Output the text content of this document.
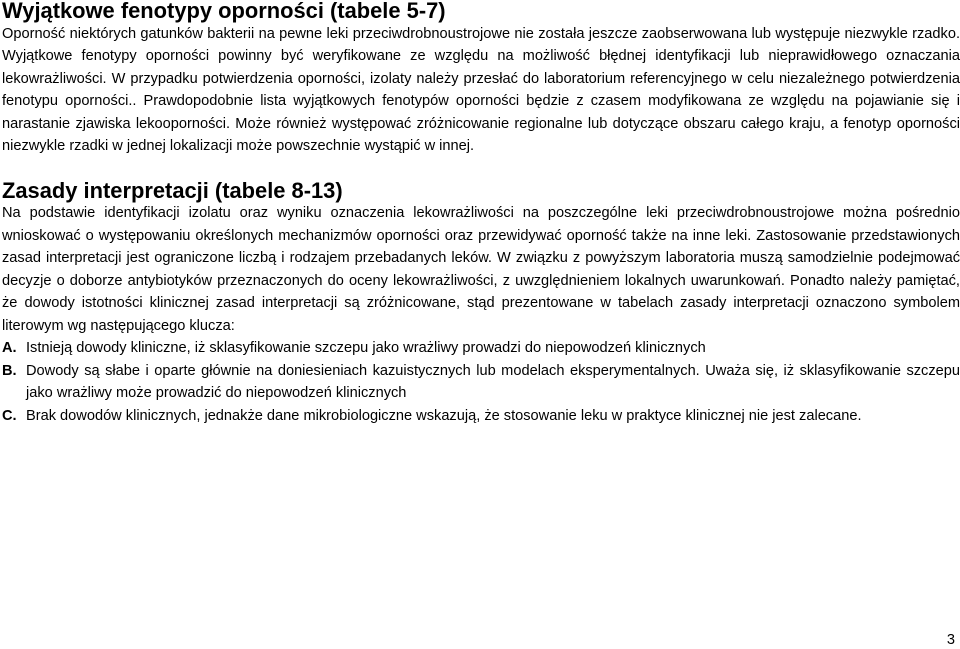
Wyjątkowe fenotypy oporności (tabele 5-7)

Oporność niektórych gatunków bakterii na pewne leki przeciwdrobnoustrojowe nie została jeszcze zaobserwowana lub występuje niezwykle rzadko. Wyjątkowe fenotypy oporności powinny być weryfikowane ze względu na możliwość błędnej identyfikacji lub nieprawidłowego oznaczania lekowrażliwości. W przypadku potwierdzenia oporności, izolaty należy przesłać do laboratorium referencyjnego w celu niezależnego potwierdzenia fenotypu oporności.. Prawdopodobnie lista wyjątkowych fenotypów oporności będzie z czasem modyfikowana ze względu na pojawianie się i narastanie zjawiska lekooporności. Może również występować zróżnicowanie regionalne lub dotyczące obszaru całego kraju, a fenotyp oporności niezwykle rzadki w jednej lokalizacji może powszechnie wystąpić w innej.

Zasady interpretacji (tabele 8-13)

Na podstawie identyfikacji izolatu oraz wyniku oznaczenia lekowrażliwości na poszczególne leki przeciwdrobnoustrojowe można pośrednio wnioskować o występowaniu określonych mechanizmów oporności oraz przewidywać oporność także na inne leki. Zastosowanie przedstawionych zasad interpretacji jest ograniczone liczbą i rodzajem przebadanych leków. W związku z powyższym laboratoria muszą samodzielnie podejmować decyzje o doborze antybiotyków przeznaczonych do oceny lekowrażliwości, z uwzględnieniem lokalnych uwarunkowań. Ponadto należy pamiętać, że dowody istotności klinicznej zasad interpretacji są zróżnicowane, stąd prezentowane w tabelach zasady interpretacji oznaczono symbolem literowym wg następującego klucza:

A. Istnieją dowody kliniczne, iż sklasyfikowanie szczepu jako wrażliwy prowadzi do niepowodzeń klinicznych
B. Dowody są słabe i oparte głównie na doniesieniach kazuistycznych lub modelach eksperymentalnych. Uważa się, iż sklasyfikowanie szczepu jako wrażliwy może prowadzić do niepowodzeń klinicznych
C. Brak dowodów klinicznych, jednakże dane mikrobiologiczne wskazują, że stosowanie leku w praktyce klinicznej nie jest zalecane.
3
